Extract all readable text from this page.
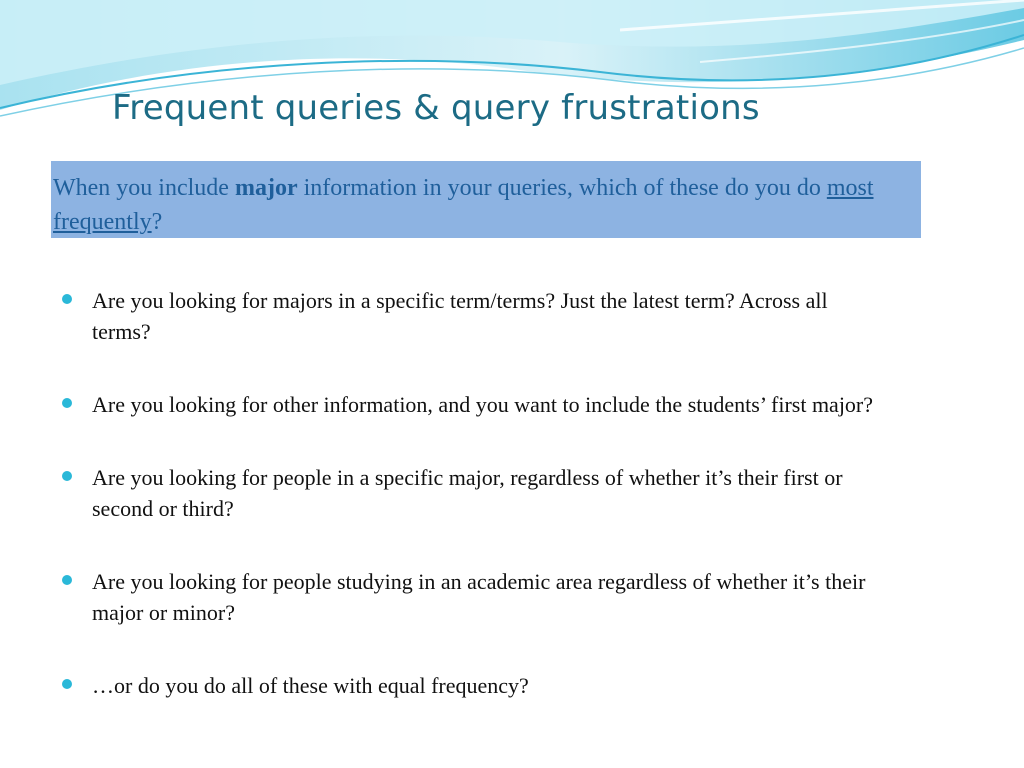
Frequent queries & query frustrations
When you include major information in your queries, which of these do you do most frequently?
Are you looking for majors in a specific term/terms? Just the latest term? Across all terms?
Are you looking for other information, and you want to include the students’ first major?
Are you looking for people in a specific major, regardless of whether it’s their first or second or third?
Are you looking for people studying in an academic area regardless of whether it’s their major or minor?
…or do you do all of these with equal frequency?
